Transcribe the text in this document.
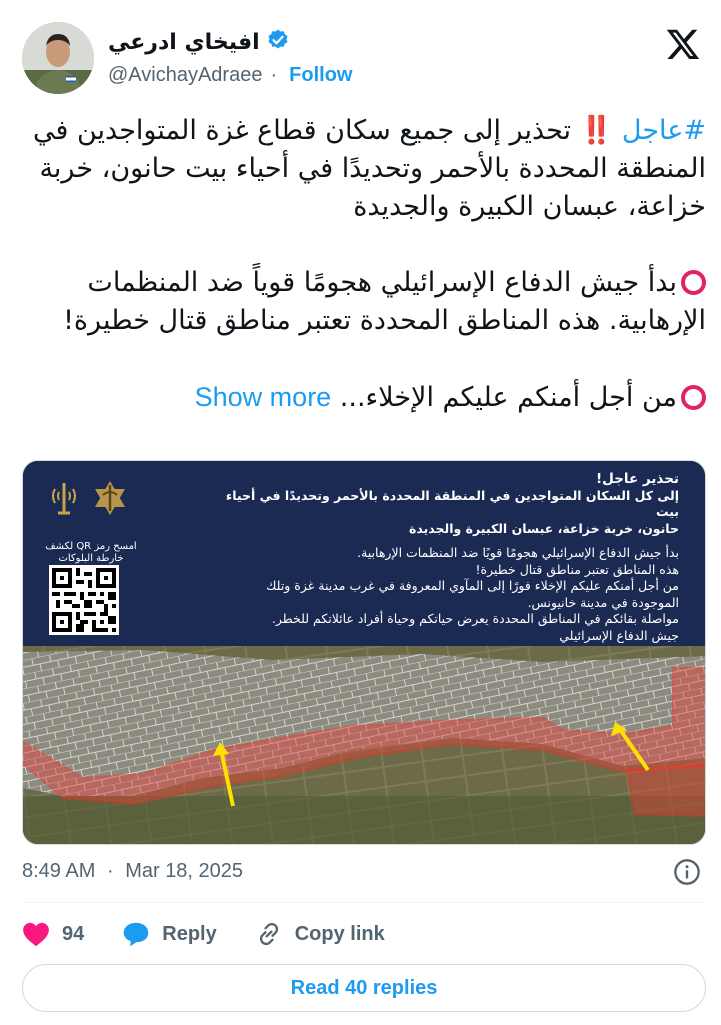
افيخاي ادرعي
@AvichayAdraee · Follow

#عاجل ‼️ تحذير إلى جميع سكان قطاع غزة المتواجدين في المنطقة المحددة بالأحمر وتحديدًا في أحياء بيت حانون، خربة خزاعة، عبسان الكبيرة والجديدة

بدأ جيش الدفاع الإسرائيلي هجومًا قوياً ضد المنظمات الإرهابية. هذه المناطق المحددة تعتبر مناطق قتال خطيرة!

من أجل أمنكم عليكم الإخلاء... Show more

امسح رمز QR لكشف خارطة البلوكات
تحذير عاجل!
إلى كل السكان المتواجدين في المنطقة المحددة بالأحمر وتحديدًا في أحياء بيت
حانون، خربة خزاعة، عبسان الكبيرة والجديدة
بدأ جيش الدفاع الإسرائيلي هجومًا قويًا ضد المنظمات الإرهابية.
هذه المناطق تعتبر مناطق قتال خطيرة!
من أجل أمنكم عليكم الإخلاء فورًا إلى المآوي المعروفة في غرب مدينة غزة وتلك
الموجودة في مدينة خانيونس.
مواصلة بقائكم في المناطق المحددة يعرض حياتكم وحياة أفراد عائلاتكم للخطر.
جيش الدفاع الإسرائيلي
8:49 AM · Mar 18, 2025
94	Reply	Copy link
Read 40 replies
